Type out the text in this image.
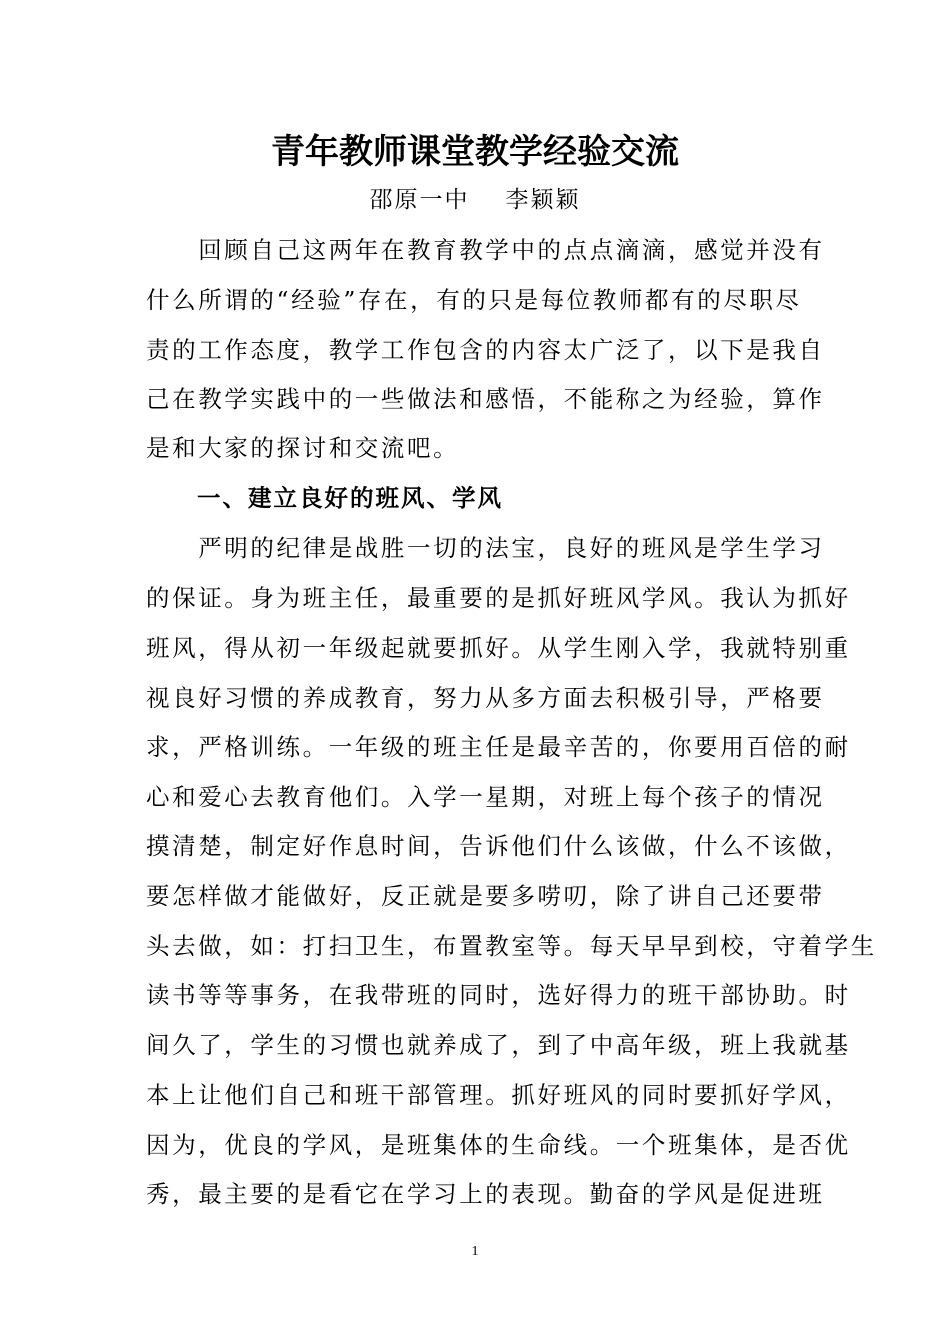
青年教师课堂教学经验交流
邵原一中 李颖颖
　　回顾自己这两年在教育教学中的点点滴滴，感觉并没有
什么所谓的“经验”存在，有的只是每位教师都有的尽职尽
责的工作态度，教学工作包含的内容太广泛了，以下是我自
己在教学实践中的一些做法和感悟，不能称之为经验，算作
是和大家的探讨和交流吧。
　　一、建立良好的班风、学风
　　严明的纪律是战胜一切的法宝，良好的班风是学生学习
的保证。身为班主任，最重要的是抓好班风学风。我认为抓好
班风，得从初一年级起就要抓好。从学生刚入学，我就特别重
视良好习惯的养成教育，努力从多方面去积极引导，严格要
求，严格训练。一年级的班主任是最辛苦的，你要用百倍的耐
心和爱心去教育他们。入学一星期，对班上每个孩子的情况
摸清楚，制定好作息时间，告诉他们什么该做，什么不该做，
要怎样做才能做好，反正就是要多唠叨，除了讲自己还要带
头去做，如：打扫卫生，布置教室等。每天早早到校，守着学生
读书等等事务，在我带班的同时，选好得力的班干部协助。时
间久了，学生的习惯也就养成了，到了中高年级，班上我就基
本上让他们自己和班干部管理。抓好班风的同时要抓好学风，
因为，优良的学风，是班集体的生命线。一个班集体，是否优
秀，最主要的是看它在学习上的表现。勤奋的学风是促进班
1
